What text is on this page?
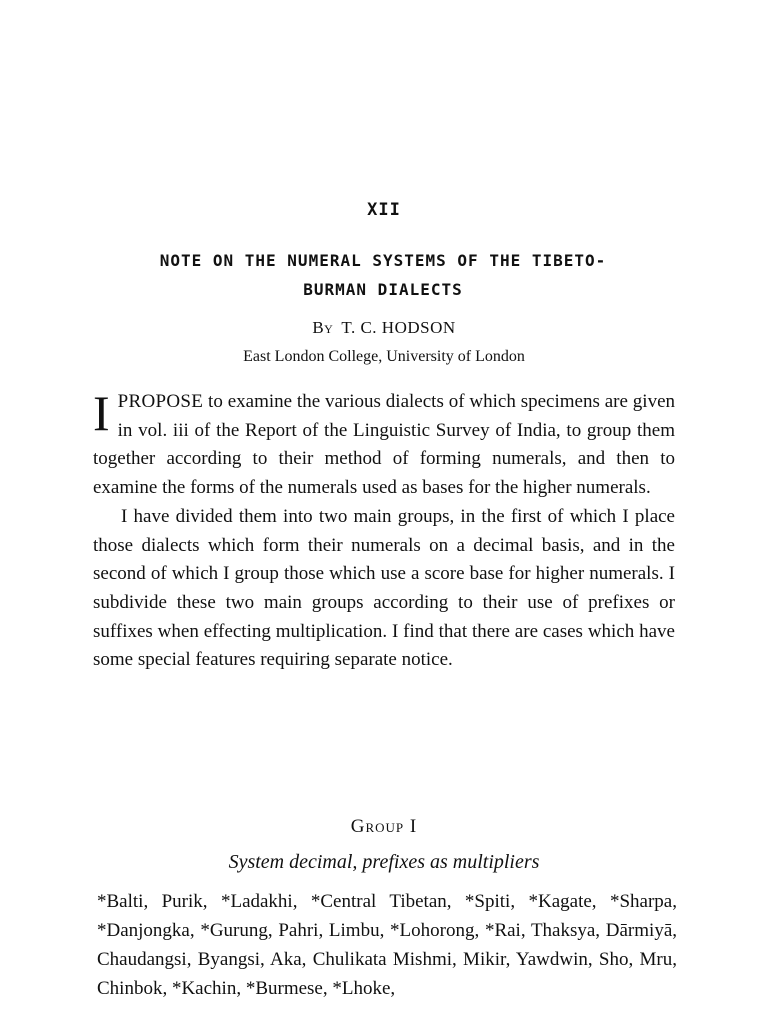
XII
NOTE ON THE NUMERAL SYSTEMS OF THE TIBETO-
BURMAN DIALECTS
By T. C. HODSON
East London College, University of London

I PROPOSE to examine the various dialects of which specimens are given in vol. iii of the Report of the Linguistic Survey of India, to group them together according to their method of forming numerals, and then to examine the forms of the numerals used as bases for the higher numerals.

I have divided them into two main groups, in the first of which I place those dialects which form their numerals on a decimal basis, and in the second of which I group those which use a score base for higher numerals. I subdivide these two main groups according to their use of prefixes or suffixes when effecting multiplication. I find that there are cases which have some special features requiring separate notice.

Group I
System decimal, prefixes as multipliers
*Balti, Purik, *Ladakhi, *Central Tibetan, *Spiti, *Kagate, *Sharpa, *Danjongka, *Gurung, Pahri, Limbu, *Lohorong, *Rai, Thaksya, Dārmiyā, Chaudangsi, Byangsi, Aka, Chulikata Mishmi, Mikir, Yawdwin, Sho, Mru, Chinbok, *Kachin, *Burmese, *Lhoke,
